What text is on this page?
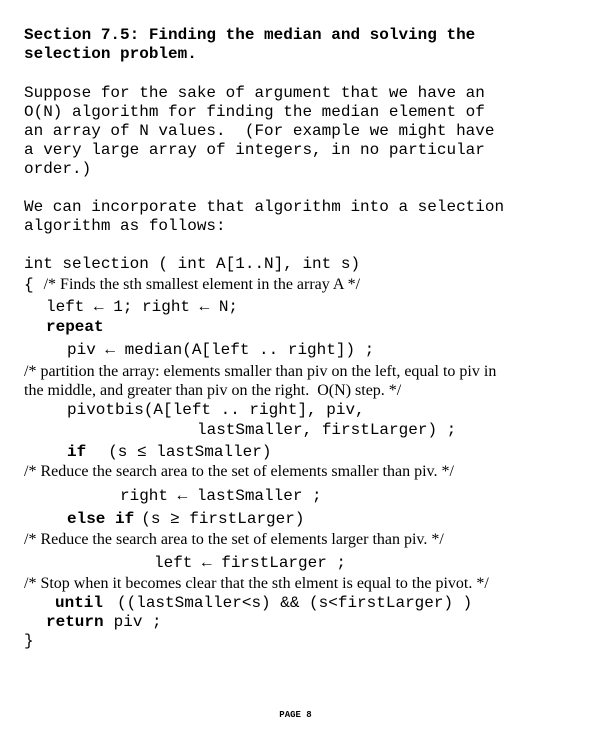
Section 7.5: Finding the median and solving the
selection problem.
Suppose for the sake of argument that we have an
O(N) algorithm for finding the median element of
an array of N values.  (For example we might have
a very large array of integers, in no particular
order.)
We can incorporate that algorithm into a selection
algorithm as follows:
int selection ( int A[1..N], int s)
{ /* Finds the sth smallest element in the array A */
left ← 1; right ← N;
repeat
piv ← median(A[left .. right]) ;
/* partition the array: elements smaller than piv on the left, equal to piv in
the middle, and greater than piv on the right.  O(N) step. */
pivotbis(A[left .. right], piv,
lastSmaller, firstLarger) ;
if (s ≤ lastSmaller)
/* Reduce the search area to the set of elements smaller than piv. */
right ← lastSmaller ;
else if (s ≥ firstLarger)
/* Reduce the search area to the set of elements larger than piv. */
left ← firstLarger ;
/* Stop when it becomes clear that the sth elment is equal to the pivot. */
until ((lastSmaller<s) && (s<firstLarger) )
return piv ;
}
PAGE 8
